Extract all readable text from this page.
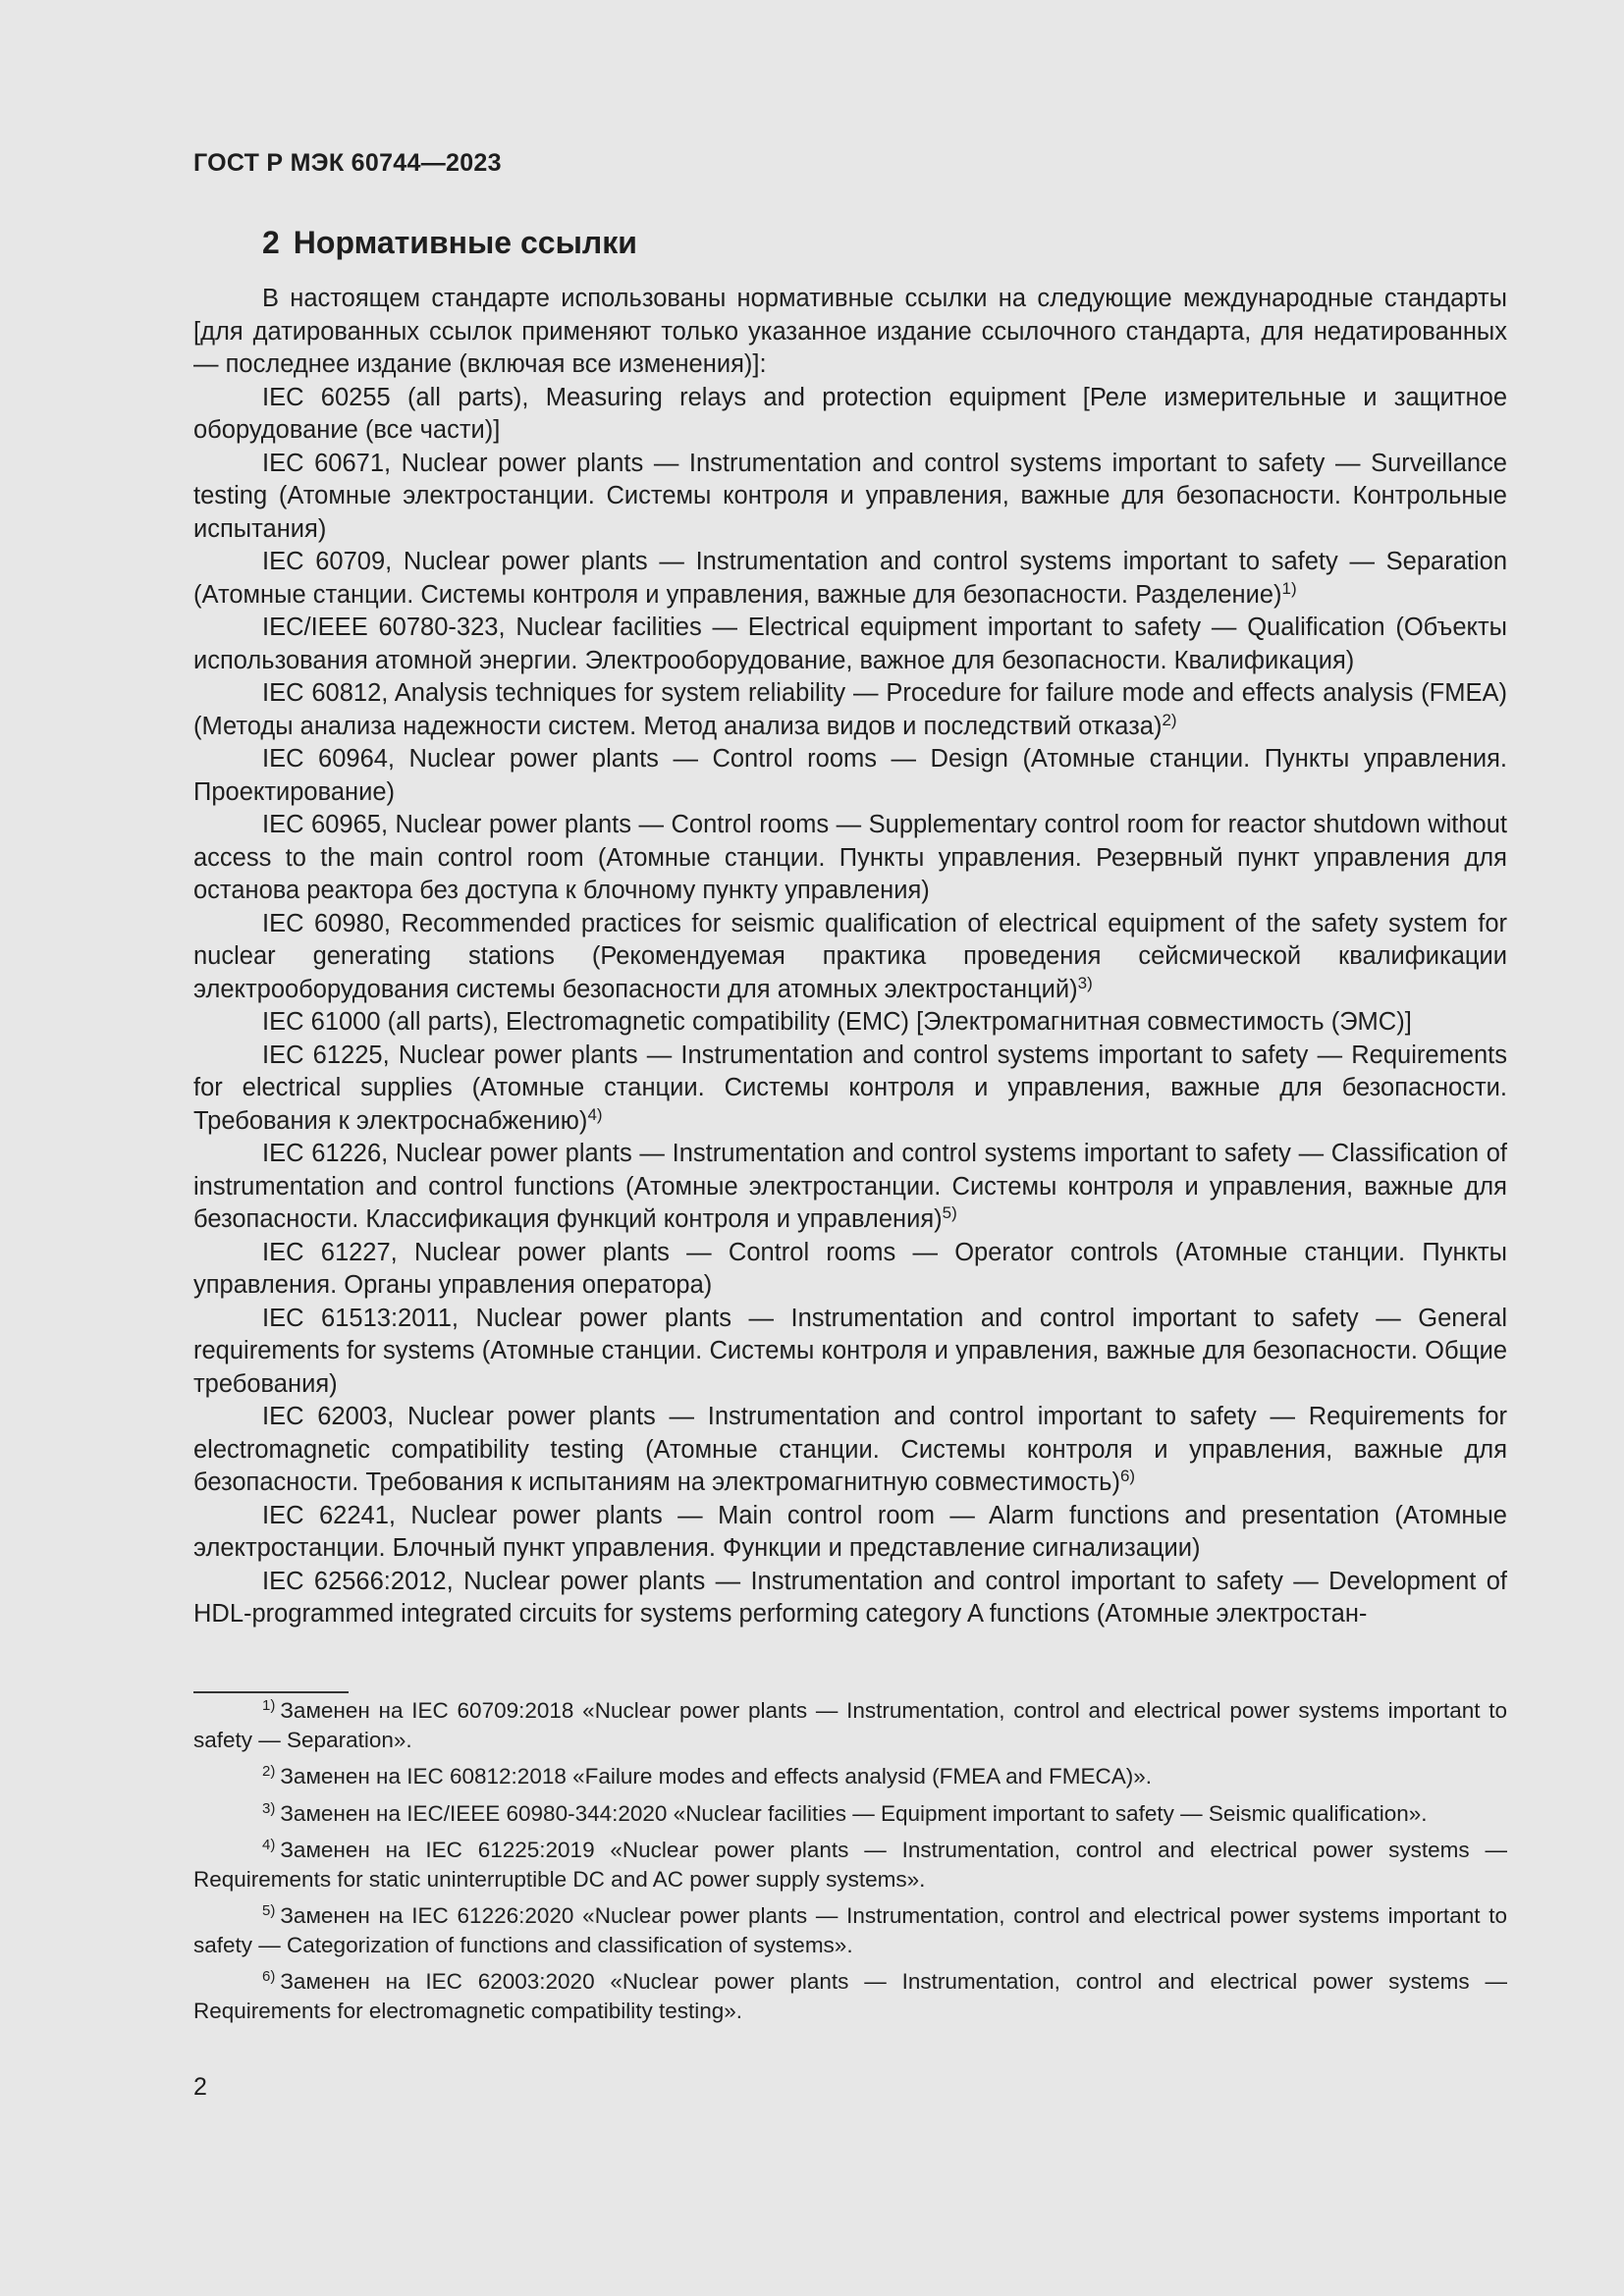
ГОСТ Р МЭК 60744—2023
2 Нормативные ссылки

В настоящем стандарте использованы нормативные ссылки на следующие международные стандарты [для датированных ссылок применяют только указанное издание ссылочного стандарта, для недатированных — последнее издание (включая все изменения)]:

IEC 60255 (all parts), Measuring relays and protection equipment [Реле измерительные и защитное оборудование (все части)]

IEC 60671, Nuclear power plants — Instrumentation and control systems important to safety — Surveillance testing (Атомные электростанции. Системы контроля и управления, важные для безопасности. Контрольные испытания)

IEC 60709, Nuclear power plants — Instrumentation and control systems important to safety — Separation (Атомные станции. Системы контроля и управления, важные для безопасности. Разделение)$^{1)}$

IEC/IEEE 60780-323, Nuclear facilities — Electrical equipment important to safety — Qualification (Объекты использования атомной энергии. Электрооборудование, важное для безопасности. Квалификация)

IEC 60812, Analysis techniques for system reliability — Procedure for failure mode and effects analysis (FMEA) (Методы анализа надежности систем. Метод анализа видов и последствий отказа)$^{2)}$

IEC 60964, Nuclear power plants — Control rooms — Design (Атомные станции. Пункты управления. Проектирование)

IEC 60965, Nuclear power plants — Control rooms — Supplementary control room for reactor shutdown without access to the main control room (Атомные станции. Пункты управления. Резервный пункт управления для останова реактора без доступа к блочному пункту управления)

IEC 60980, Recommended practices for seismic qualification of electrical equipment of the safety system for nuclear generating stations (Рекомендуемая практика проведения сейсмической квалификации электрооборудования системы безопасности для атомных электростанций)$^{3)}$

IEC 61000 (all parts), Electromagnetic compatibility (EMC) [Электромагнитная совместимость (ЭМС)]

IEC 61225, Nuclear power plants — Instrumentation and control systems important to safety — Requirements for electrical supplies (Атомные станции. Системы контроля и управления, важные для безопасности. Требования к электроснабжению)$^{4)}$

IEC 61226, Nuclear power plants — Instrumentation and control systems important to safety — Classification of instrumentation and control functions (Атомные электростанции. Системы контроля и управления, важные для безопасности. Классификация функций контроля и управления)$^{5)}$

IEC 61227, Nuclear power plants — Control rooms — Operator controls (Атомные станции. Пункты управления. Органы управления оператора)

IEC 61513:2011, Nuclear power plants — Instrumentation and control important to safety — General requirements for systems (Атомные станции. Системы контроля и управления, важные для безопасности. Общие требования)

IEC 62003, Nuclear power plants — Instrumentation and control important to safety — Requirements for electromagnetic compatibility testing (Атомные станции. Системы контроля и управления, важные для безопасности. Требования к испытаниям на электромагнитную совместимость)$^{6)}$

IEC 62241, Nuclear power plants — Main control room — Alarm functions and presentation (Атомные электростанции. Блочный пункт управления. Функции и представление сигнализации)

IEC 62566:2012, Nuclear power plants — Instrumentation and control important to safety — Development of HDL-programmed integrated circuits for systems performing category A functions (Атомные электростан-

$^{1)}$ Заменен на IEC 60709:2018 «Nuclear power plants — Instrumentation, control and electrical power systems important to safety — Separation».

$^{2)}$ Заменен на IEC 60812:2018 «Failure modes and effects analysid (FMEA and FMECA)».

$^{3)}$ Заменен на IEC/IEEE 60980-344:2020 «Nuclear facilities — Equipment important to safety — Seismic qualification».

$^{4)}$ Заменен на IEC 61225:2019 «Nuclear power plants — Instrumentation, control and electrical power systems — Requirements for static uninterruptible DC and AC power supply systems».

$^{5)}$ Заменен на IEC 61226:2020 «Nuclear power plants — Instrumentation, control and electrical power systems important to safety — Categorization of functions and classification of systems».

$^{6)}$ Заменен на IEC 62003:2020 «Nuclear power plants — Instrumentation, control and electrical power systems — Requirements for electromagnetic compatibility testing».

2
